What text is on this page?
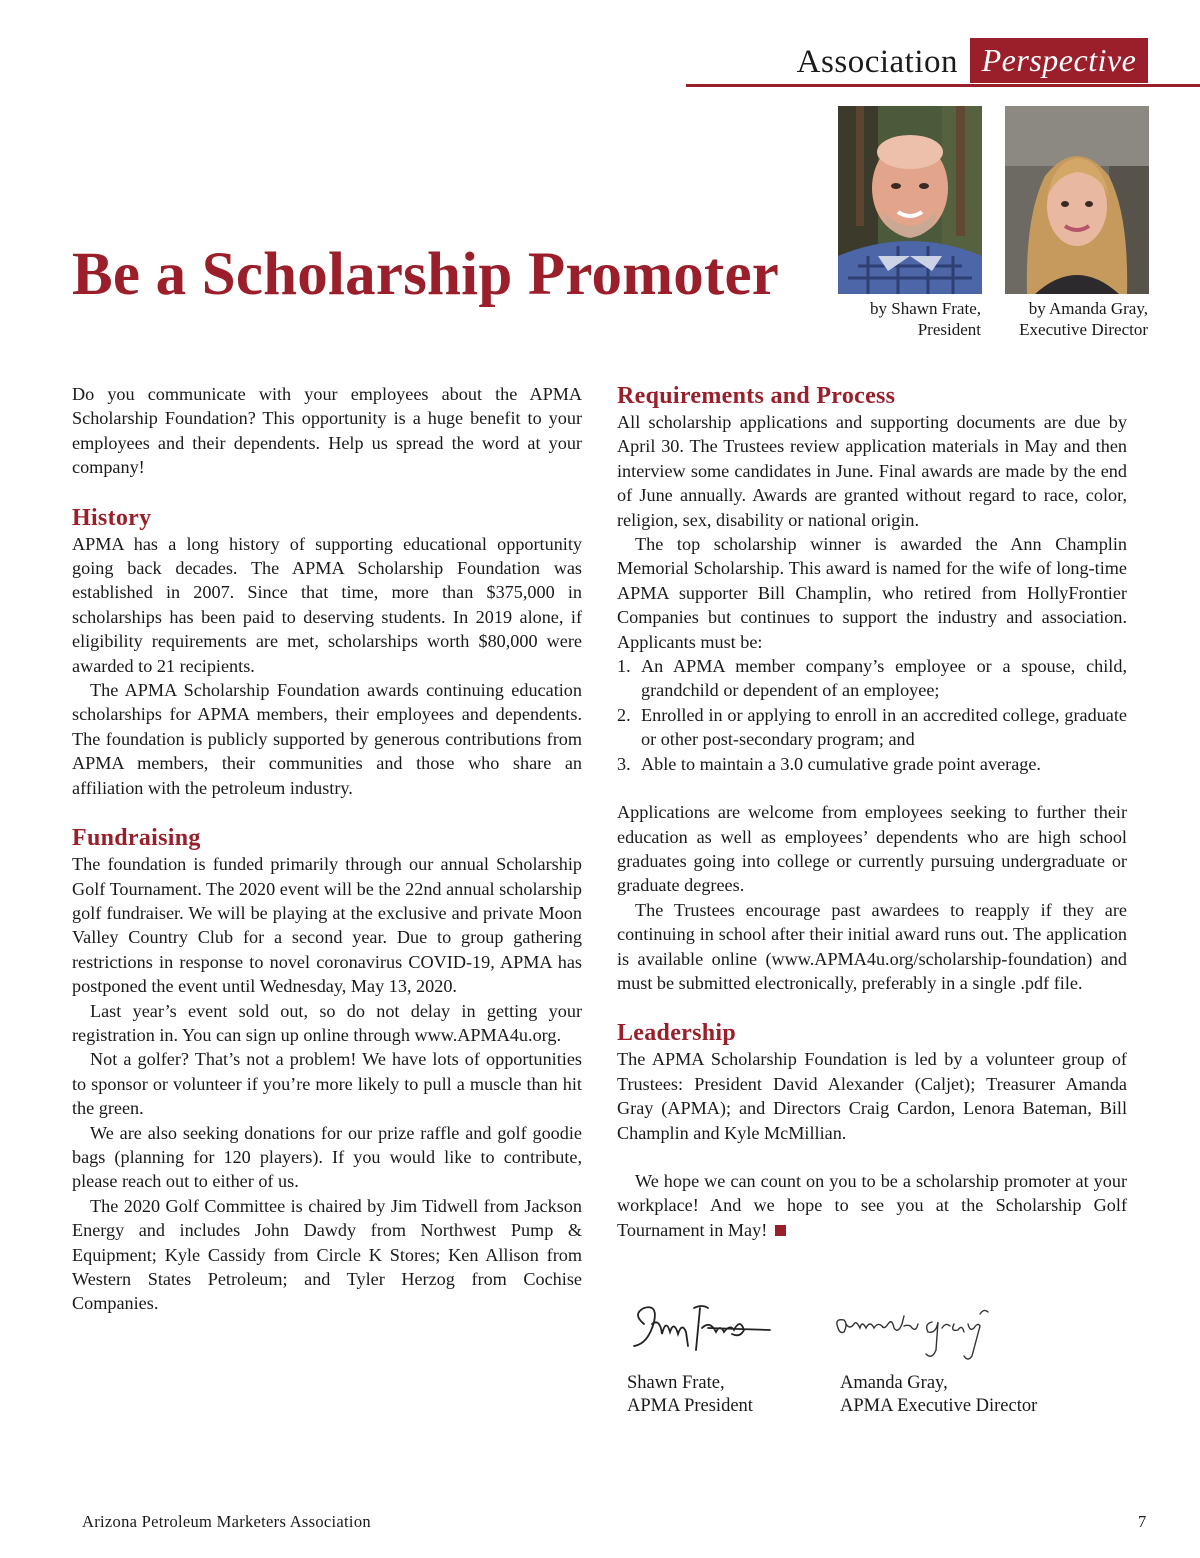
Association Perspective
by Shawn Frate,
President
by Amanda Gray,
Executive Director
Be a Scholarship Promoter

Do you communicate with your employees about the APMA Scholarship Foundation? This opportunity is a huge benefit to your employees and their dependents. Help us spread the word at your company!

History

APMA has a long history of supporting educational opportunity going back decades. The APMA Scholarship Foundation was established in 2007. Since that time, more than $375,000 in scholarships has been paid to deserving students. In 2019 alone, if eligibility requirements are met, scholarships worth $80,000 were awarded to 21 recipients.

The APMA Scholarship Foundation awards continuing education scholarships for APMA members, their employees and dependents. The foundation is publicly supported by generous contributions from APMA members, their communities and those who share an affiliation with the petroleum industry.

Fundraising

The foundation is funded primarily through our annual Scholarship Golf Tournament. The 2020 event will be the 22nd annual scholarship golf fundraiser. We will be playing at the exclusive and private Moon Valley Country Club for a second year. Due to group gathering restrictions in response to novel coronavirus COVID-19, APMA has postponed the event until Wednesday, May 13, 2020.

Last year’s event sold out, so do not delay in getting your registration in. You can sign up online through www.APMA4u.org.

Not a golfer? That’s not a problem! We have lots of opportunities to sponsor or volunteer if you’re more likely to pull a muscle than hit the green.

We are also seeking donations for our prize raffle and golf goodie bags (planning for 120 players). If you would like to contribute, please reach out to either of us.

The 2020 Golf Committee is chaired by Jim Tidwell from Jackson Energy and includes John Dawdy from Northwest Pump & Equipment; Kyle Cassidy from Circle K Stores; Ken Allison from Western States Petroleum; and Tyler Herzog from Cochise Companies.

Requirements and Process

All scholarship applications and supporting documents are due by April 30. The Trustees review application materials in May and then interview some candidates in June. Final awards are made by the end of June annually. Awards are granted without regard to race, color, religion, sex, disability or national origin.

The top scholarship winner is awarded the Ann Champlin Memorial Scholarship. This award is named for the wife of long-time APMA supporter Bill Champlin, who retired from HollyFrontier Companies but continues to support the industry and association. Applicants must be:

1. An APMA member company’s employee or a spouse, child, grandchild or dependent of an employee;
2. Enrolled in or applying to enroll in an accredited college, graduate or other post-secondary program; and
3. Able to maintain a 3.0 cumulative grade point average.

Applications are welcome from employees seeking to further their education as well as employees’ dependents who are high school graduates going into college or currently pursuing undergraduate or graduate degrees.

The Trustees encourage past awardees to reapply if they are continuing in school after their initial award runs out. The application is available online (www.APMA4u.org/scholarship-foundation) and must be submitted electronically, preferably in a single .pdf file.

Leadership

The APMA Scholarship Foundation is led by a volunteer group of Trustees: President David Alexander (Caljet); Treasurer Amanda Gray (APMA); and Directors Craig Cardon, Lenora Bateman, Bill Champlin and Kyle McMillian.

We hope we can count on you to be a scholarship promoter at your workplace! And we hope to see you at the Scholarship Golf Tournament in May!

Shawn Frate,
APMA President
Amanda Gray,
APMA Executive Director
Arizona Petroleum Marketers Association	7
